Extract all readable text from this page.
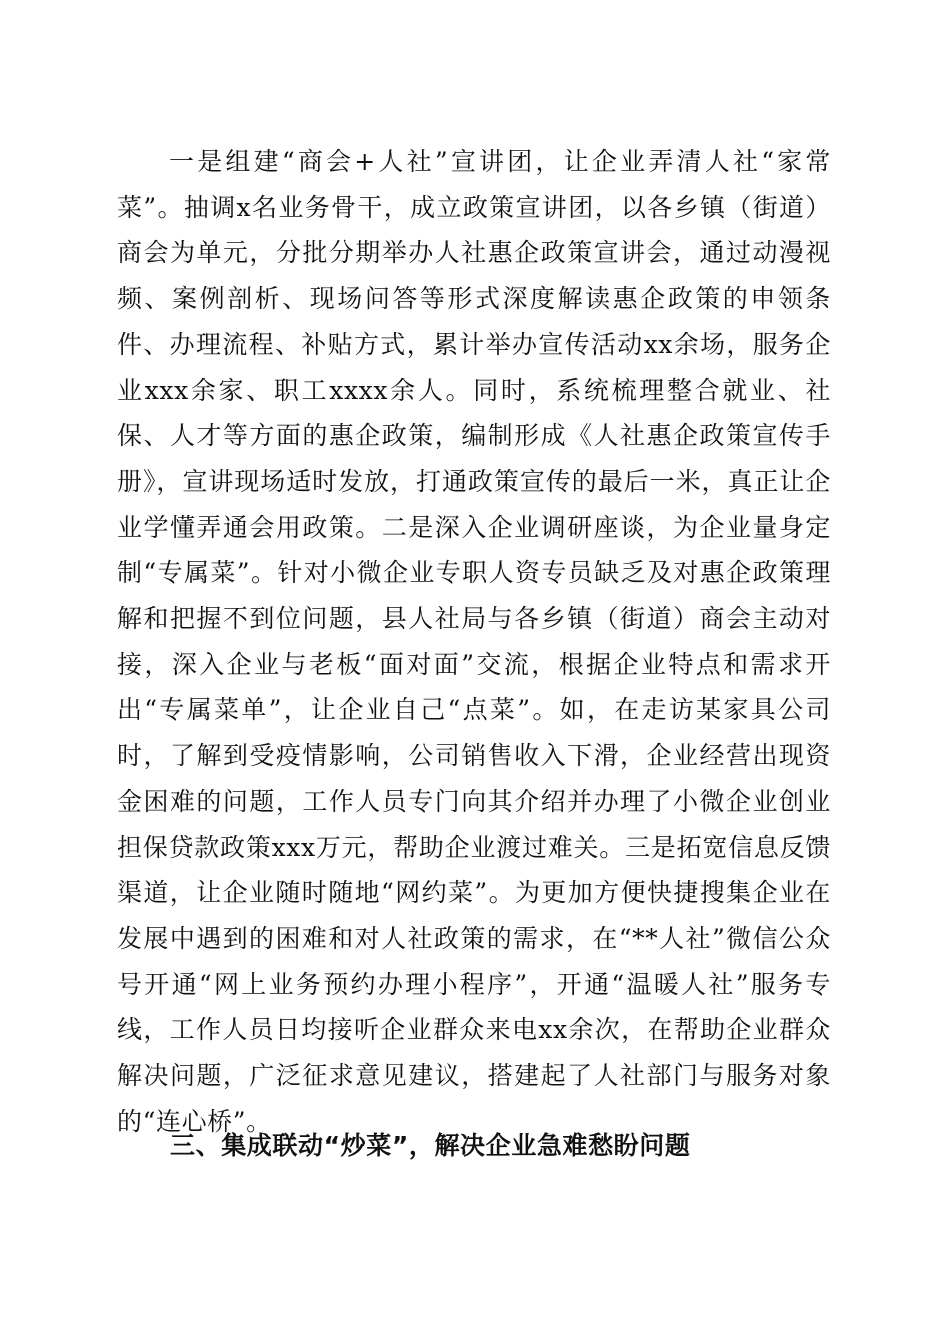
一是组建“商会+人社”宣讲团，让企业弄清人社“家常菜”。抽调x名业务骨干，成立政策宣讲团，以各乡镇（街道）商会为单元，分批分期举办人社惠企政策宣讲会，通过动漫视频、案例剖析、现场问答等形式深度解读惠企政策的申领条件、办理流程、补贴方式，累计举办宣传活动xx余场，服务企业xxx余家、职工xxxx余人。同时，系统梳理整合就业、社保、人才等方面的惠企政策，编制形成《人社惠企政策宣传手册》，宣讲现场适时发放，打通政策宣传的最后一米，真正让企业学懂弄通会用政策。二是深入企业调研座谈，为企业量身定制“专属菜”。针对小微企业专职人资专员缺乏及对惠企政策理解和把握不到位问题，县人社局与各乡镇（街道）商会主动对接，深入企业与老板“面对面”交流，根据企业特点和需求开出“专属菜单”，让企业自己“点菜”。如，在走访某家具公司时，了解到受疫情影响，公司销售收入下滑，企业经营出现资金困难的问题，工作人员专门向其介绍并办理了小微企业创业担保贷款政策xxx万元，帮助企业渡过难关。三是拓宽信息反馈渠道，让企业随时随地“网约菜”。为更加方便快捷搜集企业在发展中遇到的困难和对人社政策的需求，在“**人社”微信公众号开通“网上业务预约办理小程序”，开通“温暖人社”服务专线，工作人员日均接听企业群众来电xx余次，在帮助企业群众解决问题，广泛征求意见建议，搭建起了人社部门与服务对象的“连心桥”。

三、集成联动“炒菜”，解决企业急难愁盼问题
